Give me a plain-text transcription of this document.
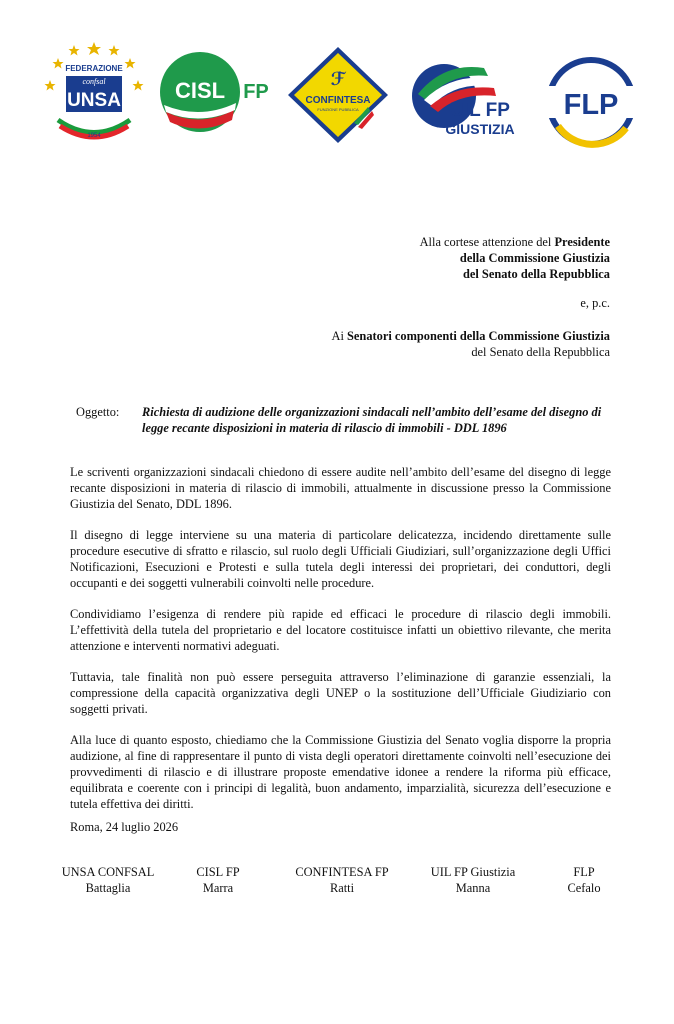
FEDERAZIONE
confsal
UNSA
1954
CISL FP
ℱ
CONFINTESA
FUNZIONE PUBBLICA	UIL FP
GIUSTIZIA
FLP
Alla cortese attenzione del Presidente
della Commissione Giustizia
del Senato della Repubblica
e, p.c.
Ai Senatori componenti della Commissione Giustizia
del Senato della Repubblica
Oggetto: Richiesta di audizione delle organizzazioni sindacali nell’ambito dell’esame del disegno di legge recante disposizioni in materia di rilascio di immobili - DDL 1896

Le scriventi organizzazioni sindacali chiedono di essere audite nell’ambito dell’esame del disegno di legge recante disposizioni in materia di rilascio di immobili, attualmente in discussione presso la Commissione Giustizia del Senato, DDL 1896.

Il disegno di legge interviene su una materia di particolare delicatezza, incidendo direttamente sulle procedure esecutive di sfratto e rilascio, sul ruolo degli Ufficiali Giudiziari, sull’organizzazione degli Uffici Notificazioni, Esecuzioni e Protesti e sulla tutela degli interessi dei proprietari, dei conduttori, degli occupanti e dei soggetti vulnerabili coinvolti nelle procedure.

Condividiamo l’esigenza di rendere più rapide ed efficaci le procedure di rilascio degli immobili. L’effettività della tutela del proprietario e del locatore costituisce infatti un obiettivo rilevante, che merita attenzione e interventi normativi adeguati.

Tuttavia, tale finalità non può essere perseguita attraverso l’eliminazione di garanzie essenziali, la compressione della capacità organizzativa degli UNEP o la sostituzione dell’Ufficiale Giudiziario con soggetti privati.

Alla luce di quanto esposto, chiediamo che la Commissione Giustizia del Senato voglia disporre la propria audizione, al fine di rappresentare il punto di vista degli operatori direttamente coinvolti nell’esecuzione dei provvedimenti di rilascio e di illustrare proposte emendative idonee a rendere la riforma più efficace, equilibrata e coerente con i principi di legalità, buon andamento, imparzialità, sicurezza dell’esecuzione e tutela effettiva dei diritti.

Roma, 24 luglio 2026
UNSA CONFSAL
Battaglia
CISL FP
Marra
CONFINTESA FP
Ratti
UIL FP Giustizia
Manna
FLP
Cefalo
